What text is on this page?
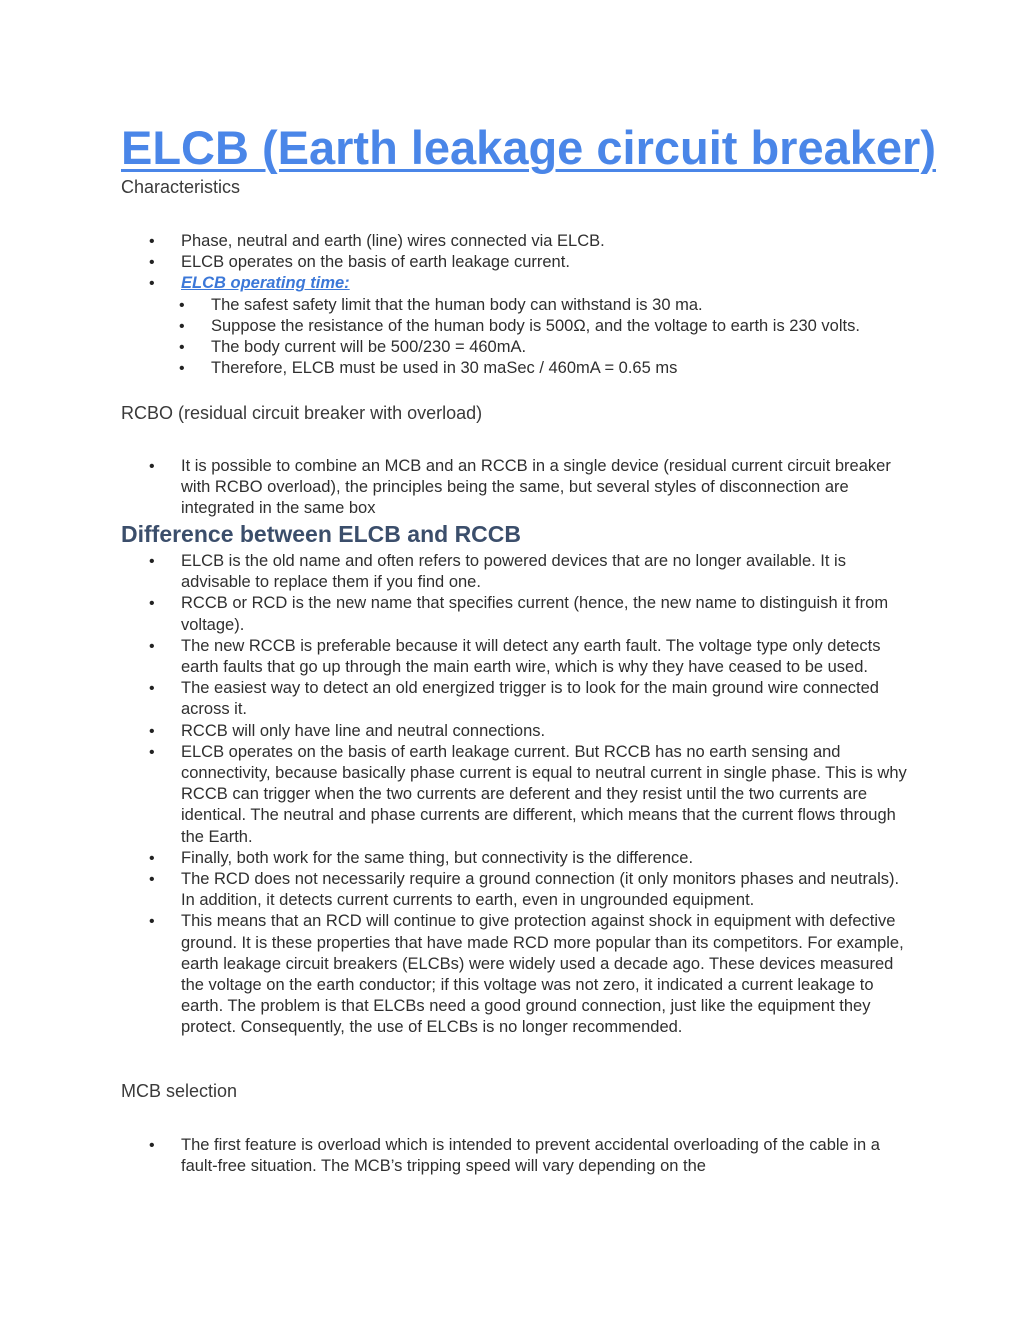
ELCB (Earth leakage circuit breaker)

Characteristics

• Phase, neutral and earth (line) wires connected via ELCB.
• ELCB operates on the basis of earth leakage current.
• ELCB operating time:
• The safest safety limit that the human body can withstand is 30 ma.
• Suppose the resistance of the human body is 500Ω, and the voltage to earth is 230 volts.
• The body current will be 500/230 = 460mA.
• Therefore, ELCB must be used in 30 maSec / 460mA = 0.65 ms

RCBO (residual circuit breaker with overload)

• It is possible to combine an MCB and an RCCB in a single device (residual current circuit breaker with RCBO overload), the principles being the same, but several styles of disconnection are integrated in the same box
Difference between ELCB and RCCB
• ELCB is the old name and often refers to powered devices that are no longer available. It is advisable to replace them if you find one.
• RCCB or RCD is the new name that specifies current (hence, the new name to distinguish it from voltage).
• The new RCCB is preferable because it will detect any earth fault. The voltage type only detects earth faults that go up through the main earth wire, which is why they have ceased to be used.
• The easiest way to detect an old energized trigger is to look for the main ground wire connected across it.
• RCCB will only have line and neutral connections.
• ELCB operates on the basis of earth leakage current. But RCCB has no earth sensing and connectivity, because basically phase current is equal to neutral current in single phase. This is why RCCB can trigger when the two currents are deferent and they resist until the two currents are identical. The neutral and phase currents are different, which means that the current flows through the Earth.
• Finally, both work for the same thing, but connectivity is the difference.
• The RCD does not necessarily require a ground connection (it only monitors phases and neutrals). In addition, it detects current currents to earth, even in ungrounded equipment.
• This means that an RCD will continue to give protection against shock in equipment with defective ground. It is these properties that have made RCD more popular than its competitors. For example, earth leakage circuit breakers (ELCBs) were widely used a decade ago. These devices measured the voltage on the earth conductor; if this voltage was not zero, it indicated a current leakage to earth. The problem is that ELCBs need a good ground connection, just like the equipment they protect. Consequently, the use of ELCBs is no longer recommended.

MCB selection

• The first feature is overload which is intended to prevent accidental overloading of the cable in a fault-free situation. The MCB’s tripping speed will vary depending on the
